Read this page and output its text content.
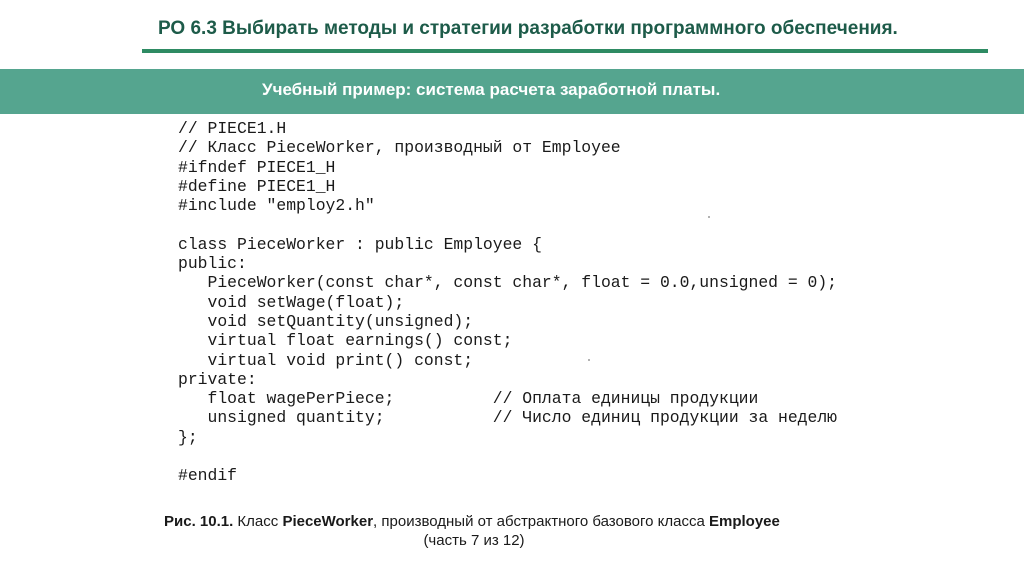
РО 6.3 Выбирать методы и стратегии разработки программного обеспечения.
Учебный пример: система расчета заработной платы.
// PIECE1.H
// Класс PieceWorker, производный от Employee
#ifndef PIECE1_H
#define PIECE1_H
#include "employ2.h"
class PieceWorker : public Employee {
public:
PieceWorker(const char*, const char*, float = 0.0,unsigned = 0);
void setWage(float);
void setQuantity(unsigned);
virtual float earnings() const;
virtual void print() const;
private:
float wagePerPiece;          // Оплата единицы продукции
unsigned quantity;           // Число единиц продукции за неделю
};
#endif
Рис. 10.1. Класс PieceWorker, производный от абстрактного базового класса Employee
(часть 7 из 12)
